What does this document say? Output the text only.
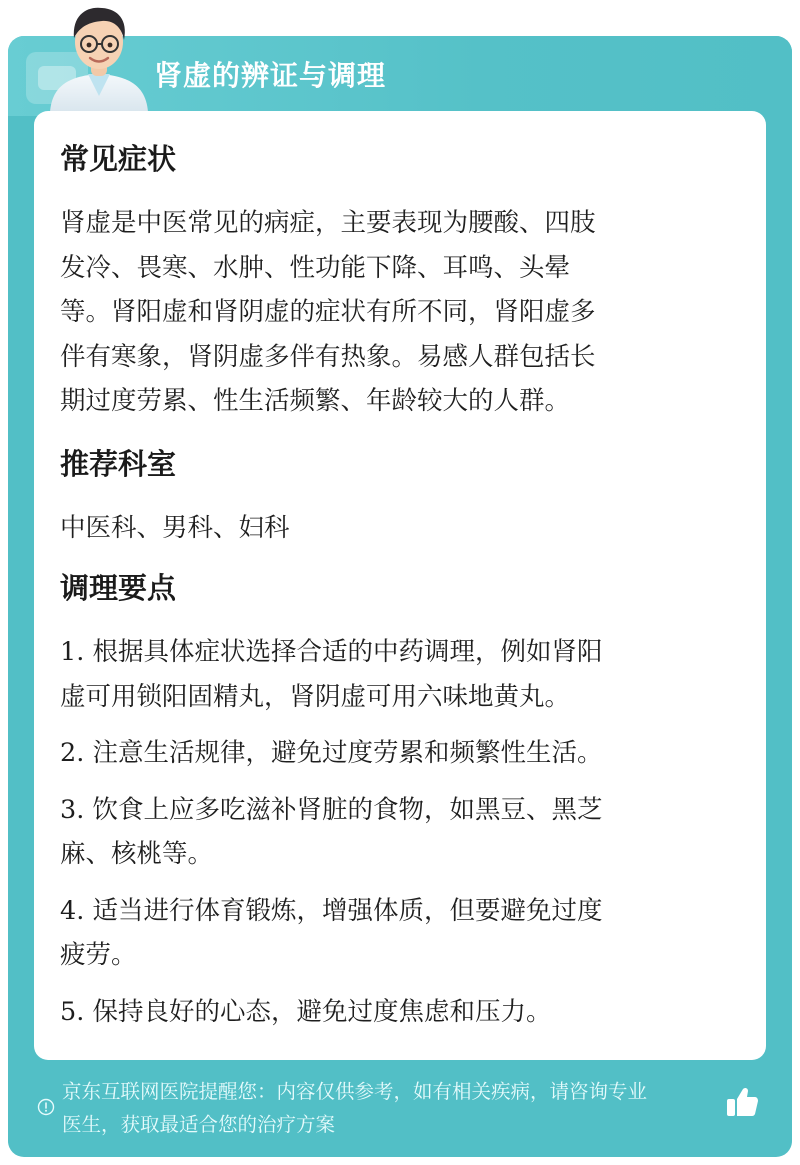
肾虚的辨证与调理
常见症状

肾虚是中医常见的病症，主要表现为腰酸、四肢

发冷、畏寒、水肿、性功能下降、耳鸣、头晕

等。肾阳虚和肾阴虚的症状有所不同，肾阳虚多

伴有寒象，肾阴虚多伴有热象。易感人群包括长

期过度劳累、性生活频繁、年龄较大的人群。

推荐科室

中医科、男科、妇科

调理要点

1. 根据具体症状选择合适的中药调理，例如肾阳

虚可用锁阳固精丸，肾阴虚可用六味地黄丸。

2. 注意生活规律，避免过度劳累和频繁性生活。

3. 饮食上应多吃滋补肾脏的食物，如黑豆、黑芝

麻、核桃等。

4. 适当进行体育锻炼，增强体质，但要避免过度

疲劳。

5. 保持良好的心态，避免过度焦虑和压力。

京东互联网医院提醒您：内容仅供参考，如有相关疾病，请咨询专业
医生，获取最适合您的治疗方案
